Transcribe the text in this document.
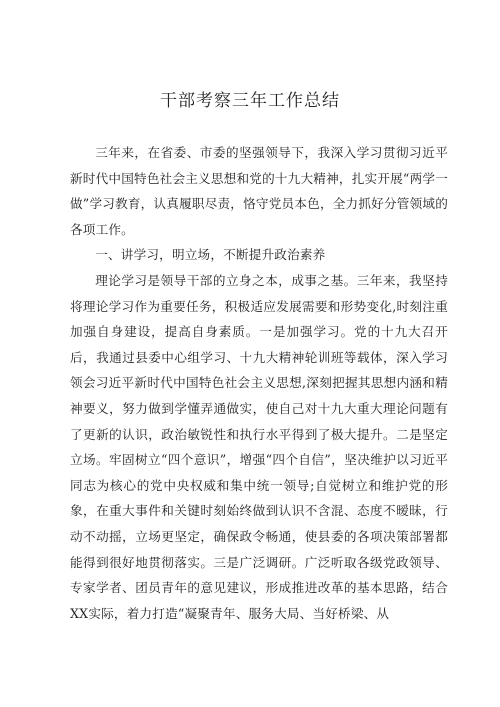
干部考察三年工作总结

三年来，在省委、市委的坚强领导下，我深入学习贯彻习近平新时代中国特色社会主义思想和党的十九大精神，扎实开展“两学一做”学习教育，认真履职尽责，恪守党员本色，全力抓好分管领域的各项工作。

一、讲学习，明立场，不断提升政治素养

理论学习是领导干部的立身之本，成事之基。三年来，我坚持将理论学习作为重要任务，积极适应发展需要和形势变化,时刻注重加强自身建设，提高自身素质。一是加强学习。党的十九大召开后，我通过县委中心组学习、十九大精神轮训班等载体，深入学习领会习近平新时代中国特色社会主义思想,深刻把握其思想内涵和精神要义，努力做到学懂弄通做实，使自己对十九大重大理论问题有了更新的认识，政治敏锐性和执行水平得到了极大提升。二是坚定立场。牢固树立“四个意识”，增强“四个自信”，坚决维护以习近平同志为核心的党中央权威和集中统一领导;自觉树立和维护党的形象，在重大事件和关键时刻始终做到认识不含混、态度不暧昧，行动不动摇，立场更坚定，确保政令畅通，使县委的各项决策部署都能得到很好地贯彻落实。三是广泛调研。广泛听取各级党政领导、专家学者、团员青年的意见建议，形成推进改革的基本思路，结合XX实际，着力打造“凝聚青年、服务大局、当好桥梁、从
